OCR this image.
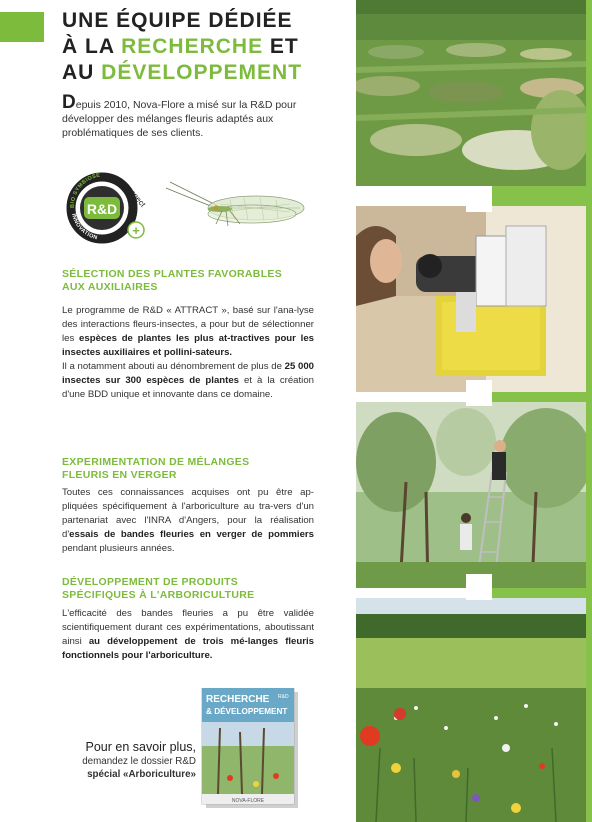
UNE ÉQUIPE DÉDIÉE
À LA RECHERCHE ET
AU DÉVELOPPEMENT

Depuis 2010, Nova-Flore a misé sur la R&D pour développer des mélanges fleuris adaptés aux problématiques de ses clients.

R&D
BIO SYMBIOSE
INNOVATION
connect
+
SÉLECTION DES PLANTES FAVORABLES
AUX AUXILIAIRES

Le programme de R&D « ATTRACT », basé sur l'ana-lyse des interactions fleurs-insectes, a pour but de sélectionner les espèces de plantes les plus at-tractives pour les insectes auxiliaires et pollini-sateurs.

Il a notamment abouti au dénombrement de plus de 25 000 insectes sur 300 espèces de plantes et à la création d'une BDD unique et innovante dans ce domaine.

EXPERIMENTATION DE MÉLANGES
FLEURIS EN VERGER

Toutes ces connaissances acquises ont pu être ap-pliquées spécifiquement à l'arboriculture au tra-vers d'un partenariat avec l'INRA d'Angers, pour la réalisation d'essais de bandes fleuries en verger de pommiers pendant plusieurs années.

DÉVELOPPEMENT DE PRODUITS
SPÉCIFIQUES À L'ARBORICULTURE

L'efficacité des bandes fleuries a pu être validée scientifiquement durant ces expérimentations, aboutissant ainsi au développement de trois mé-langes fleuris fonctionnels pour l'arboriculture.

RECHERCHE
& DÉVELOPPEMENT
R&D
NOVA-FLORE
Pour en savoir plus,
demandez le dossier R&D
spécial «Arboriculture»
